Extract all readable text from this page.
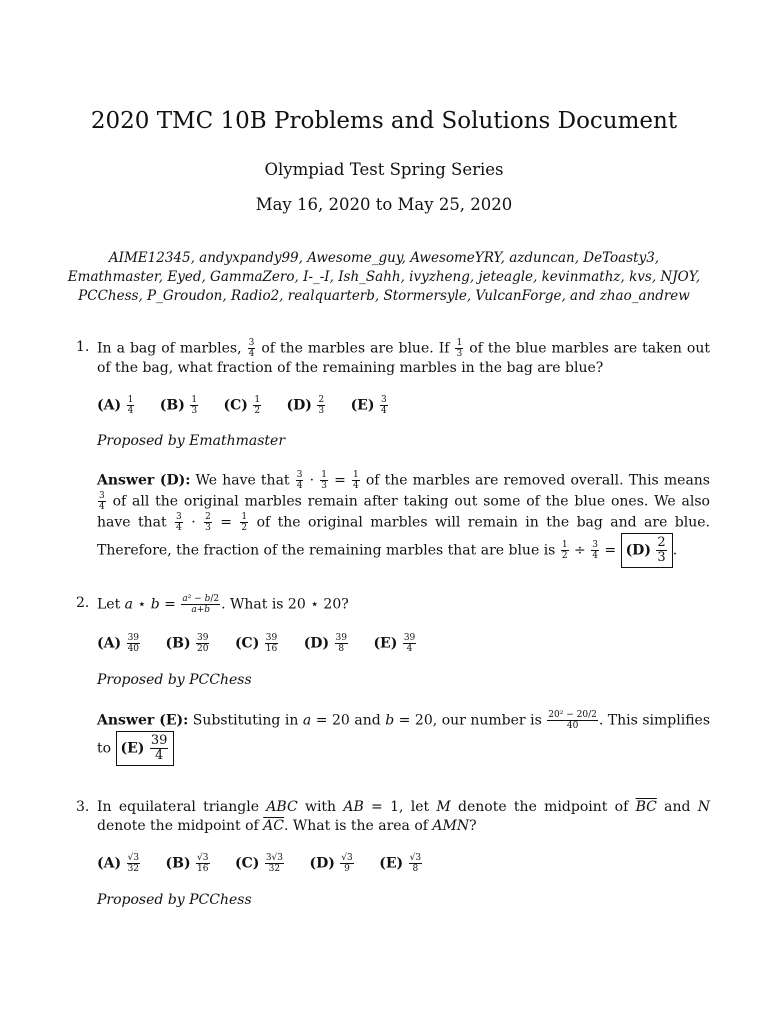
2020 TMC 10B Problems and Solutions Document
Olympiad Test Spring Series
May 16, 2020 to May 25, 2020
AIME12345, andyxpandy99, Awesome_guy, AwesomeYRY, azduncan, DeToasty3, Emathmaster, Eyed, GammaZero, I-_-I, Ish_Sahh, ivyzheng, jeteagle, kevinmathz, kvs, NJOY, PCChess, P_Groudon, Radio2, realquarterb, Stormersyle, VulcanForge, and zhao_andrew
1. In a bag of marbles, $\frac{3}{4}$ of the marbles are blue. If $\frac{1}{3}$ of the blue marbles are taken out of the bag, what fraction of the remaining marbles in the bag are blue?
$(A) \frac{1}{4} (B) \frac{1}{3} (C) \frac{1}{2} (D) \frac{2}{3} (E) \frac{3}{4}$
Proposed by Emathmaster
Answer (D): We have that $\frac{3}{4} \cdot \frac{1}{3} = \frac{1}{4}$ of the marbles are removed overall. This means
$\frac{3}{4}$ of all the original marbles remain after taking out some of the blue ones. We also have that $\frac{3}{4} \cdot \frac{2}{3} = \frac{1}{2}$ of the original marbles will remain in the bag and are blue. Therefore, the fraction of the remaining marbles that are blue is $\frac{1}{2} \div \frac{3}{4} = (D) \frac{2}{3}$ .
2. Let a ⋆ $b = \frac{\text{a² − b/2}}{a+b}$ . What is 20 ⋆ 20?
$(A) \frac{39}{40} (B) \frac{39}{20} (C) \frac{39}{16} (D) \frac{39}{8} (E) \frac{39}{4}$
Proposed by PCChess
Answer (E): Substituting in a = 20 and b = 20, our number is $\frac{\text{20² − 20/2}}{40}$ . This simplifies to $(E) \frac{39}{4}$
3. In equilateral triangle ABC with AB = 1, let M denote the midpoint of $\overline{BC}$ and N denote the midpoint of $\overline{AC}$. What is the area of AMN?
$(A) \frac{√3}{32} (B) \frac{√3}{16} (C) \frac{3√3}{32} (D) \frac{√3}{9} (E) \frac{√3}{8}$
Proposed by PCChess
